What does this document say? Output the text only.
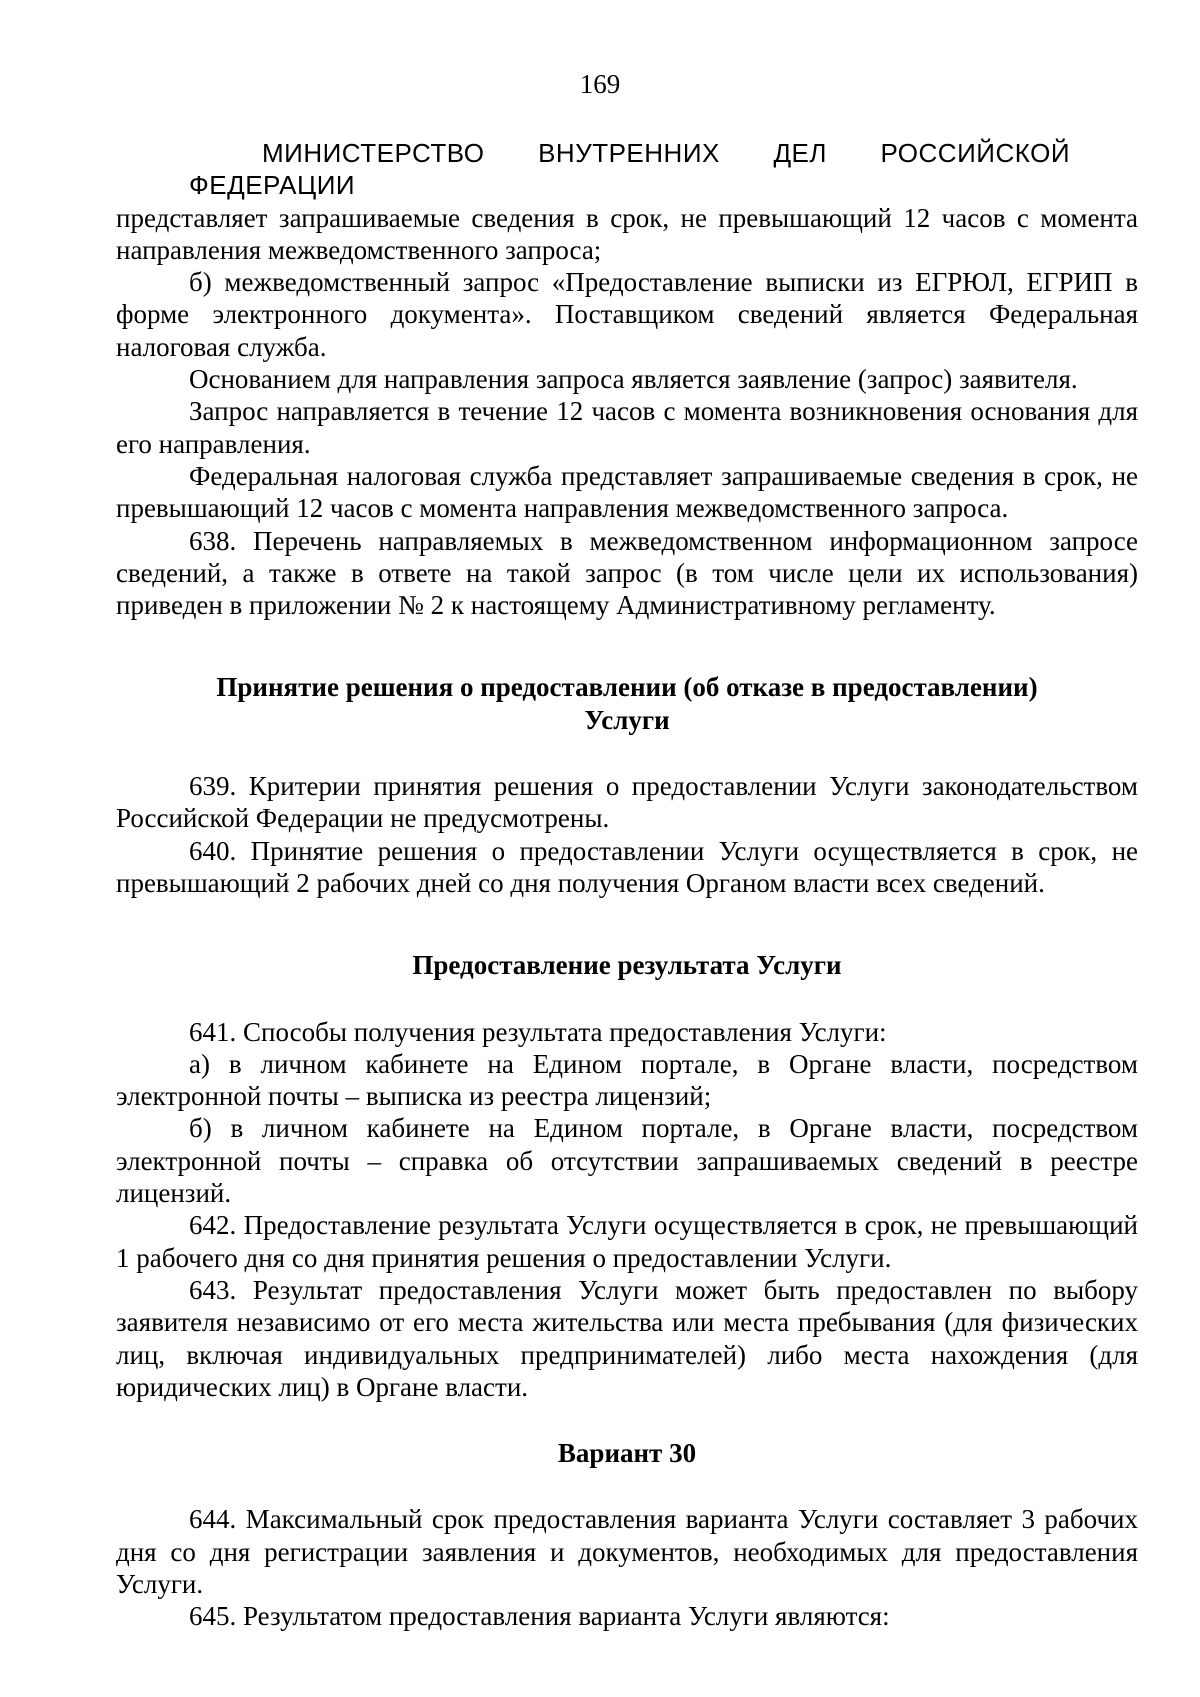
169

МИНИСТЕРСТВО ВНУТРЕННИХ ДЕЛ РОССИЙСКОЙ ФЕДЕРАЦИИ представляет запрашиваемые сведения в срок, не превышающий 12 часов с момента направления межведомственного запроса;

б) межведомственный запрос «Предоставление выписки из ЕГРЮЛ, ЕГРИП в форме электронного документа». Поставщиком сведений является Федеральная налоговая служба.

Основанием для направления запроса является заявление (запрос) заявителя.

Запрос направляется в течение 12 часов с момента возникновения основания для его направления.

Федеральная налоговая служба представляет запрашиваемые сведения в срок, не превышающий 12 часов с момента направления межведомственного запроса.

638. Перечень направляемых в межведомственном информационном запросе сведений, а также в ответе на такой запрос (в том числе цели их использования) приведен в приложении № 2 к настоящему Административному регламенту.

Принятие решения о предоставлении (об отказе в предоставлении)
Услуги

639. Критерии принятия решения о предоставлении Услуги законодательством Российской Федерации не предусмотрены.

640. Принятие решения о предоставлении Услуги осуществляется в срок, не превышающий 2 рабочих дней со дня получения Органом власти всех сведений.

Предоставление результата Услуги

641. Способы получения результата предоставления Услуги:

а) в личном кабинете на Едином портале, в Органе власти, посредством электронной почты – выписка из реестра лицензий;

б) в личном кабинете на Едином портале, в Органе власти, посредством электронной почты – справка об отсутствии запрашиваемых сведений в реестре лицензий.

642. Предоставление результата Услуги осуществляется в срок, не превышающий 1 рабочего дня со дня принятия решения о предоставлении Услуги.

643. Результат предоставления Услуги может быть предоставлен по выбору заявителя независимо от его места жительства или места пребывания (для физических лиц, включая индивидуальных предпринимателей) либо места нахождения (для юридических лиц) в Органе власти.

Вариант 30

644. Максимальный срок предоставления варианта Услуги составляет 3 рабочих дня со дня регистрации заявления и документов, необходимых для предоставления Услуги.

645. Результатом предоставления варианта Услуги являются:
